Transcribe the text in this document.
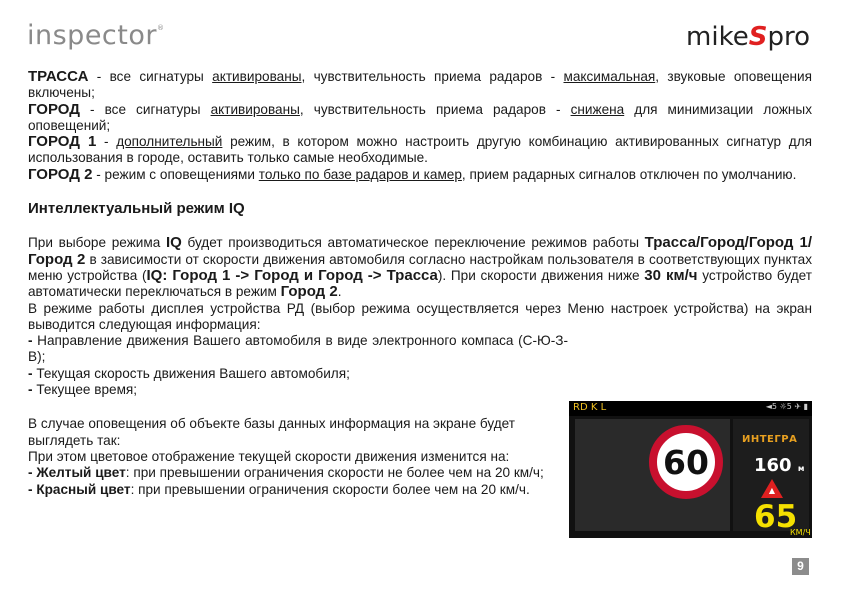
inspector®	mikeSpro

ТРАССА - все сигнатуры активированы, чувствительность приема радаров - максимальная, звуковые оповещения включены;

ГОРОД - все сигнатуры активированы, чувствительность приема радаров - снижена для минимизации ложных оповещений;

ГОРОД 1 - дополнительный режим, в котором можно настроить другую комбинацию активированных сигнатур для использования в городе, оставить только самые необходимые.

ГОРОД 2 - режим с оповещениями только по базе радаров и камер, прием радарных сигналов отключен по умолчанию.

Интеллектуальный режим IQ

При выборе режима IQ будет производиться автоматическое переключение режимов работы Трасса/Город/Город 1/Город 2 в зависимости от скорости движения автомобиля согласно настройкам пользователя в соответствующих пунктах меню устройства (IQ: Город 1 -> Город и Город -> Трасса). При скорости движения ниже 30 км/ч устройство будет автоматически переключаться в режим Город 2.

В режиме работы дисплея устройства РД (выбор режима осуществляется через Меню настроек устройства) на экран выводится следующая информация:

- Направление движения Вашего автомобиля в виде электронного компаса (С-Ю-З-В);

- Текущая скорость движения Вашего автомобиля;

- Текущее время;

В случае оповещения об объекте базы данных информация на экране будет выглядеть так:

При этом цветовое отображение текущей скорости движения изменится на:

- Желтый цвет: при превышении ограничения скорости не более чем на 20 км/ч;

- Красный цвет: при превышении ограничения скорости более чем на 20 км/ч.

RD K L	◄5 ☼5 ✈ ▮
60
ИНТЕГРА
160 м
▲
65
КМ/Ч
9
